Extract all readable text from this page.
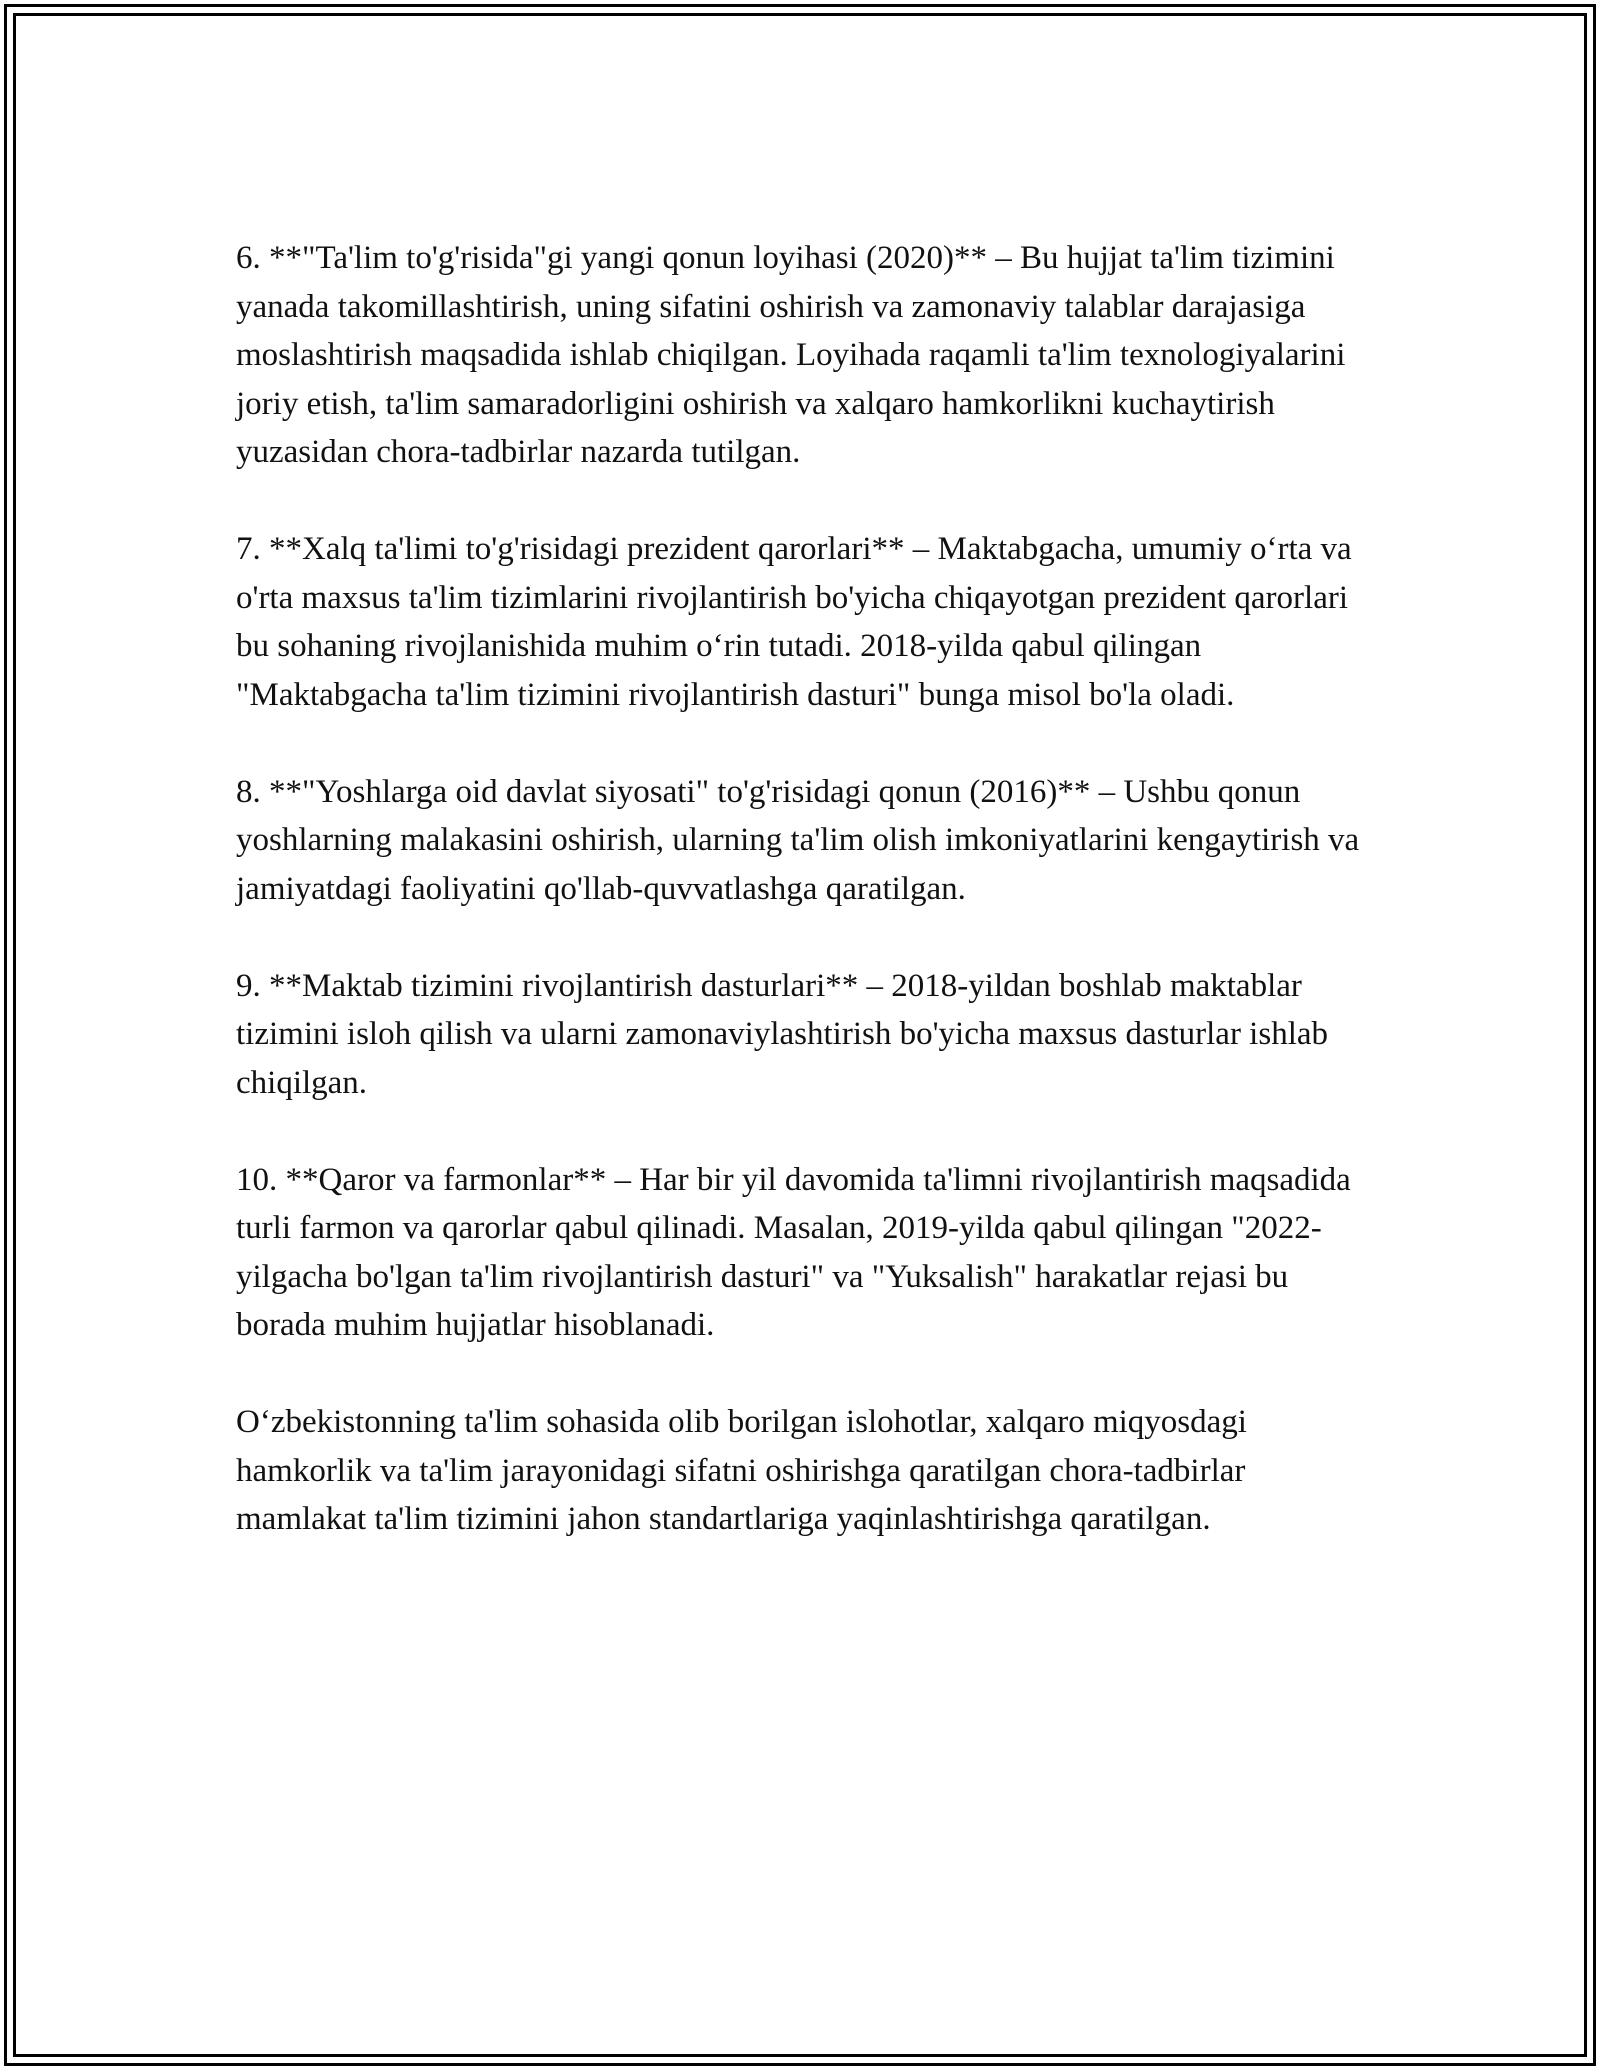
6. **"Ta'lim to'g'risida"gi yangi qonun loyihasi (2020)** – Bu hujjat ta'lim tizimini yanada takomillashtirish, uning sifatini oshirish va zamonaviy talablar darajasiga moslashtirish maqsadida ishlab chiqilgan. Loyihada raqamli ta'lim texnologiyalarini joriy etish, ta'lim samaradorligini oshirish va xalqaro hamkorlikni kuchaytirish yuzasidan chora-tadbirlar nazarda tutilgan.

7. **Xalq ta'limi to'g'risidagi prezident qarorlari** – Maktabgacha, umumiy oʻrta va o'rta maxsus ta'lim tizimlarini rivojlantirish bo'yicha chiqayotgan prezident qarorlari bu sohaning rivojlanishida muhim oʻrin tutadi. 2018-yilda qabul qilingan "Maktabgacha ta'lim tizimini rivojlantirish dasturi" bunga misol bo'la oladi.

8. **"Yoshlarga oid davlat siyosati" to'g'risidagi qonun (2016)** – Ushbu qonun yoshlarning malakasini oshirish, ularning ta'lim olish imkoniyatlarini kengaytirish va jamiyatdagi faoliyatini qo'llab-quvvatlashga qaratilgan.

9. **Maktab tizimini rivojlantirish dasturlari** – 2018-yildan boshlab maktablar tizimini isloh qilish va ularni zamonaviylashtirish bo'yicha maxsus dasturlar ishlab chiqilgan.

10. **Qaror va farmonlar** – Har bir yil davomida ta'limni rivojlantirish maqsadida turli farmon va qarorlar qabul qilinadi. Masalan, 2019-yilda qabul qilingan "2022-yilgacha bo'lgan ta'lim rivojlantirish dasturi" va "Yuksalish" harakatlar rejasi bu borada muhim hujjatlar hisoblanadi.

Oʻzbekistonning ta'lim sohasida olib borilgan islohotlar, xalqaro miqyosdagi hamkorlik va ta'lim jarayonidagi sifatni oshirishga qaratilgan chora-tadbirlar mamlakat ta'lim tizimini jahon standartlariga yaqinlashtirishga qaratilgan.
